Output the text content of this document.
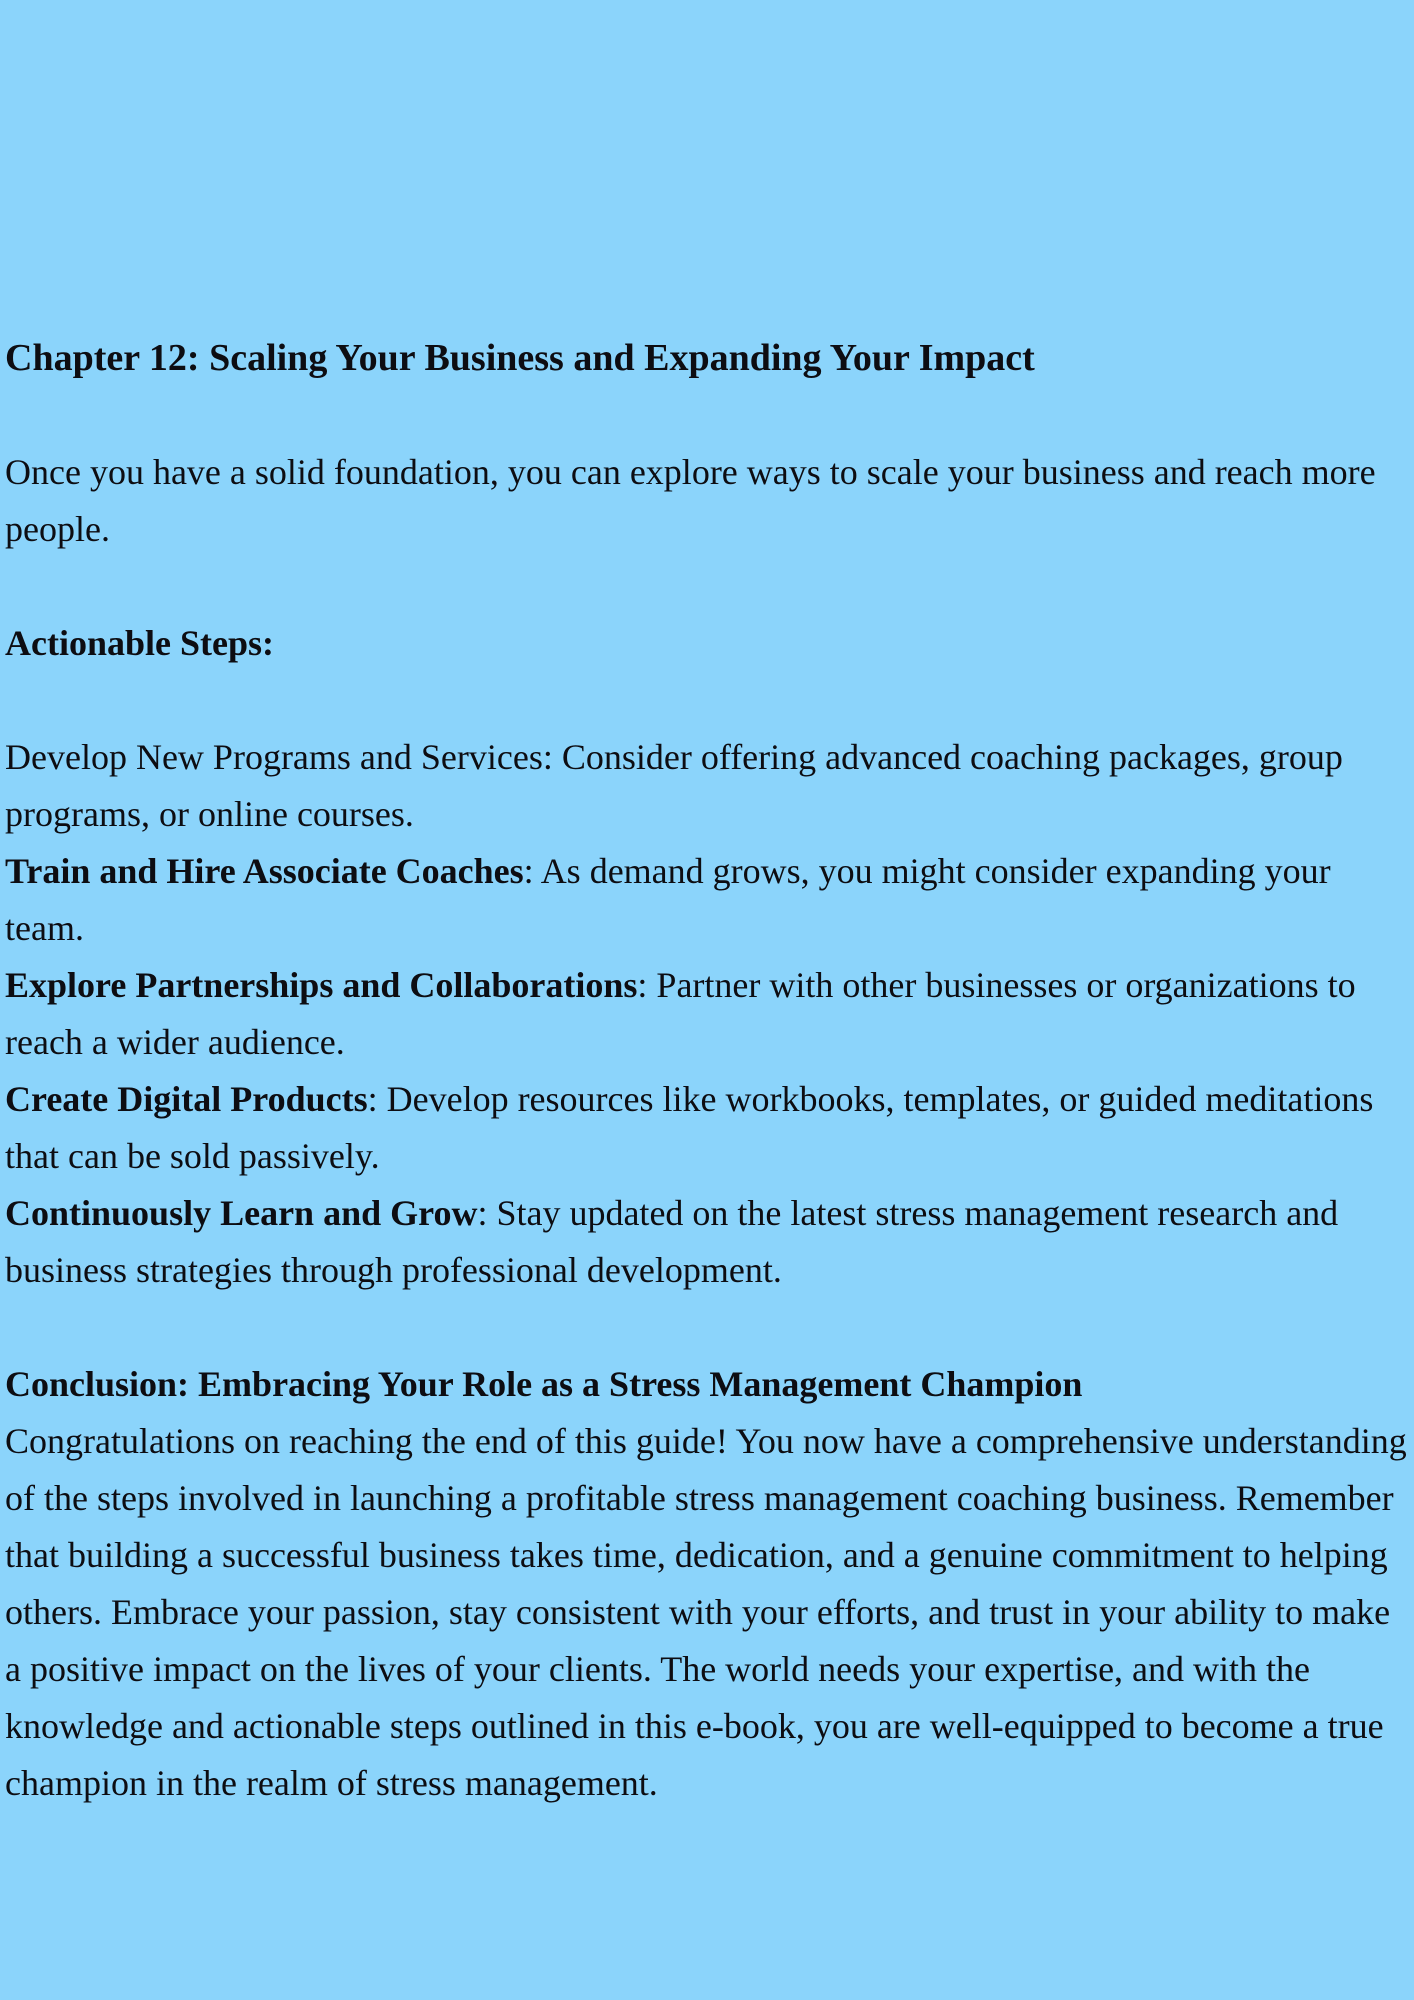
Chapter 12: Scaling Your Business and Expanding Your Impact

Once you have a solid foundation, you can explore ways to scale your business and reach more people.

Actionable Steps:

Develop New Programs and Services: Consider offering advanced coaching packages, group programs, or online courses.

Train and Hire Associate Coaches: As demand grows, you might consider expanding your team.

Explore Partnerships and Collaborations: Partner with other businesses or organizations to reach a wider audience.

Create Digital Products: Develop resources like workbooks, templates, or guided meditations that can be sold passively.

Continuously Learn and Grow: Stay updated on the latest stress management research and business strategies through professional development.

Conclusion: Embracing Your Role as a Stress Management Champion

Congratulations on reaching the end of this guide! You now have a comprehensive understanding of the steps involved in launching a profitable stress management coaching business. Remember that building a successful business takes time, dedication, and a genuine commitment to helping others. Embrace your passion, stay consistent with your efforts, and trust in your ability to make a positive impact on the lives of your clients. The world needs your expertise, and with the knowledge and actionable steps outlined in this e-book, you are well-equipped to become a true champion in the realm of stress management.
